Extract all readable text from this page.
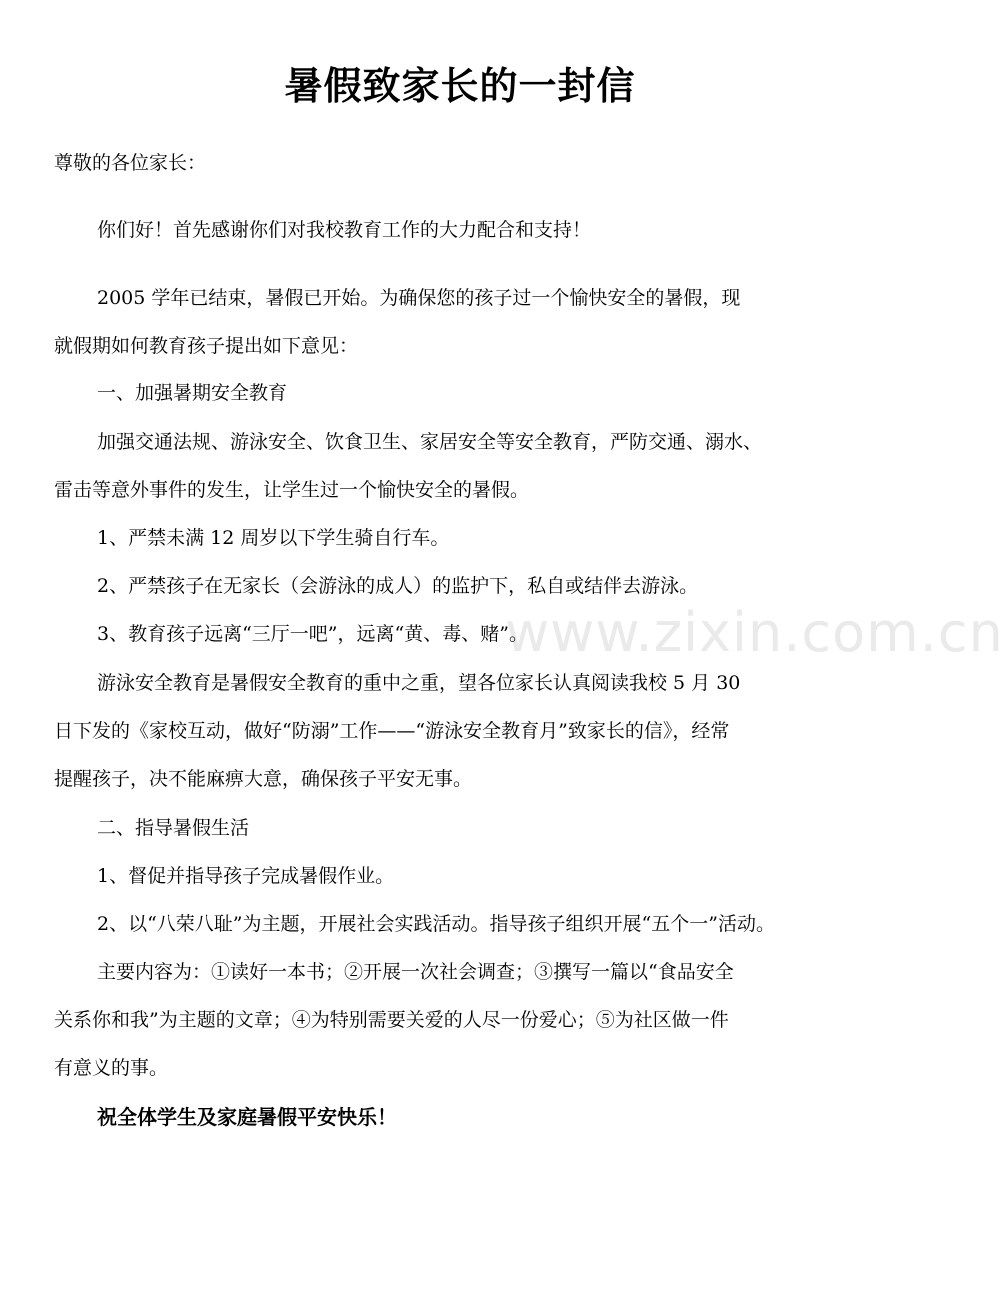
www.zixin.com.cn
暑假致家长的一封信
尊敬的各位家长：
你们好！首先感谢你们对我校教育工作的大力配合和支持！
2005 学年已结束，暑假已开始。为确保您的孩子过一个愉快安全的暑假，现
就假期如何教育孩子提出如下意见：
一、加强暑期安全教育
加强交通法规、游泳安全、饮食卫生、家居安全等安全教育，严防交通、溺水、
雷击等意外事件的发生，让学生过一个愉快安全的暑假。
1、严禁未满 12 周岁以下学生骑自行车。
2、严禁孩子在无家长（会游泳的成人）的监护下，私自或结伴去游泳。
3、教育孩子远离“三厅一吧”，远离“黄、毒、赌”。
游泳安全教育是暑假安全教育的重中之重，望各位家长认真阅读我校 5 月 30
日下发的《家校互动，做好“防溺”工作——“游泳安全教育月”致家长的信》，经常
提醒孩子，决不能麻痹大意，确保孩子平安无事。
二、指导暑假生活
1、督促并指导孩子完成暑假作业。
2、以“八荣八耻”为主题，开展社会实践活动。指导孩子组织开展“五个一”活动。
主要内容为：①读好一本书；②开展一次社会调查；③撰写一篇以“食品安全
关系你和我”为主题的文章；④为特别需要关爱的人尽一份爱心；⑤为社区做一件
有意义的事。
祝全体学生及家庭暑假平安快乐！
